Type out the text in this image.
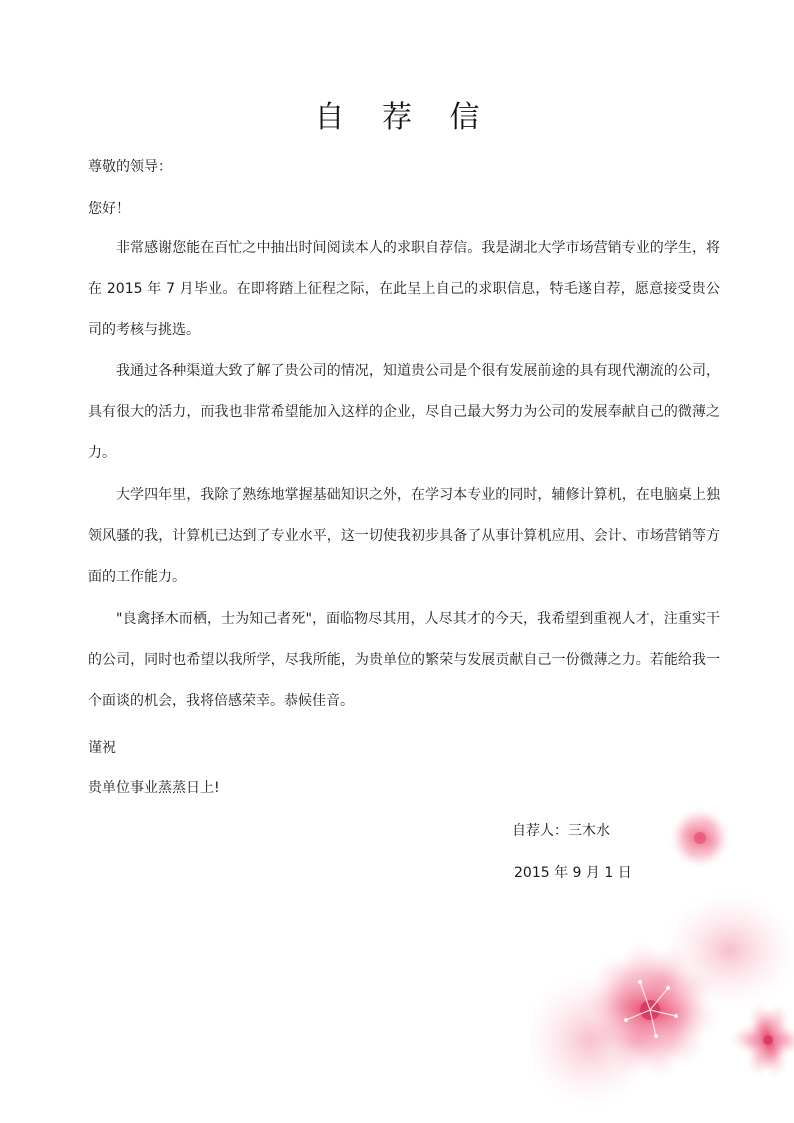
自 荐 信

尊敬的领导：

您好！

非常感谢您能在百忙之中抽出时间阅读本人的求职自荐信。我是湖北大学市场营销专业的学生，将在 2015 年 7 月毕业。在即将踏上征程之际，在此呈上自己的求职信息，特毛遂自荐，愿意接受贵公司的考核与挑选。

我通过各种渠道大致了解了贵公司的情况，知道贵公司是个很有发展前途的具有现代潮流的公司，具有很大的活力，而我也非常希望能加入这样的企业，尽自己最大努力为公司的发展奉献自己的微薄之力。

大学四年里，我除了熟练地掌握基础知识之外，在学习本专业的同时，辅修计算机，在电脑桌上独领风骚的我，计算机已达到了专业水平，这一切使我初步具备了从事计算机应用、会计、市场营销等方面的工作能力。

"良禽择木而栖，士为知己者死"，面临物尽其用，人尽其才的今天，我希望到重视人才，注重实干的公司，同时也希望以我所学，尽我所能，为贵单位的繁荣与发展贡献自己一份微薄之力。若能给我一个面谈的机会，我将倍感荣幸。恭候佳音。

谨祝

贵单位事业蒸蒸日上!

自荐人：三木水

2015 年 9 月 1 日
